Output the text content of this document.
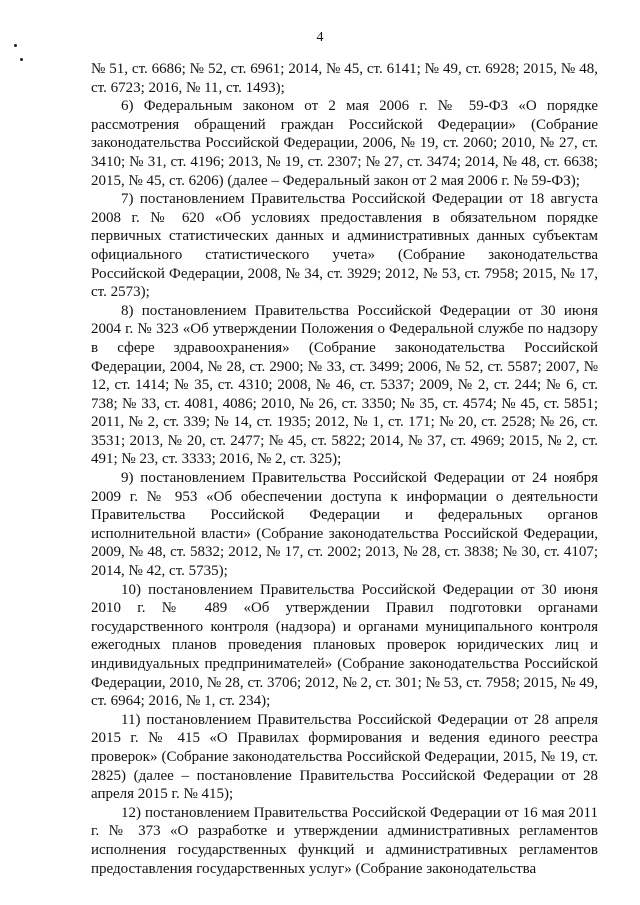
4

№ 51, ст. 6686; № 52, ст. 6961; 2014, № 45, ст. 6141; № 49, ст. 6928; 2015, № 48, ст. 6723; 2016, № 11, ст. 1493);

6) Федеральным законом от 2 мая 2006 г. № 59-ФЗ «О порядке рассмотрения обращений граждан Российской Федерации» (Собрание законодательства Российской Федерации, 2006, № 19, ст. 2060; 2010, № 27, ст. 3410; № 31, ст. 4196; 2013, № 19, ст. 2307; № 27, ст. 3474; 2014, № 48, ст. 6638; 2015, № 45, ст. 6206) (далее – Федеральный закон от 2 мая 2006 г. № 59-ФЗ);

7) постановлением Правительства Российской Федерации от 18 августа 2008 г. № 620 «Об условиях предоставления в обязательном порядке первичных статистических данных и административных данных субъектам официального статистического учета» (Собрание законодательства Российской Федерации, 2008, № 34, ст. 3929; 2012, № 53, ст. 7958; 2015, № 17, ст. 2573);

8) постановлением Правительства Российской Федерации от 30 июня 2004 г. № 323 «Об утверждении Положения о Федеральной службе по надзору в сфере здравоохранения» (Собрание законодательства Российской Федерации, 2004, № 28, ст. 2900; № 33, ст. 3499; 2006, № 52, ст. 5587; 2007, № 12, ст. 1414; № 35, ст. 4310; 2008, № 46, ст. 5337; 2009, № 2, ст. 244; № 6, ст. 738; № 33, ст. 4081, 4086; 2010, № 26, ст. 3350; № 35, ст. 4574; № 45, ст. 5851; 2011, № 2, ст. 339; № 14, ст. 1935; 2012, № 1, ст. 171; № 20, ст. 2528; № 26, ст. 3531; 2013, № 20, ст. 2477; № 45, ст. 5822; 2014, № 37, ст. 4969; 2015, № 2, ст. 491; № 23, ст. 3333; 2016, № 2, ст. 325);

9) постановлением Правительства Российской Федерации от 24 ноября 2009 г. № 953 «Об обеспечении доступа к информации о деятельности Правительства Российской Федерации и федеральных органов исполнительной власти» (Собрание законодательства Российской Федерации, 2009, № 48, ст. 5832; 2012, № 17, ст. 2002; 2013, № 28, ст. 3838; № 30, ст. 4107; 2014, № 42, ст. 5735);

10) постановлением Правительства Российской Федерации от 30 июня 2010 г. № 489 «Об утверждении Правил подготовки органами государственного контроля (надзора) и органами муниципального контроля ежегодных планов проведения плановых проверок юридических лиц и индивидуальных предпринимателей» (Собрание законодательства Российской Федерации, 2010, № 28, ст. 3706; 2012, № 2, ст. 301; № 53, ст. 7958; 2015, № 49, ст. 6964; 2016, № 1, ст. 234);

11) постановлением Правительства Российской Федерации от 28 апреля 2015 г. № 415 «О Правилах формирования и ведения единого реестра проверок» (Собрание законодательства Российской Федерации, 2015, № 19, ст. 2825) (далее – постановление Правительства Российской Федерации от 28 апреля 2015 г. № 415);

12) постановлением Правительства Российской Федерации от 16 мая 2011 г. № 373 «О разработке и утверждении административных регламентов исполнения государственных функций и административных регламентов предоставления государственных услуг» (Собрание законодательства
